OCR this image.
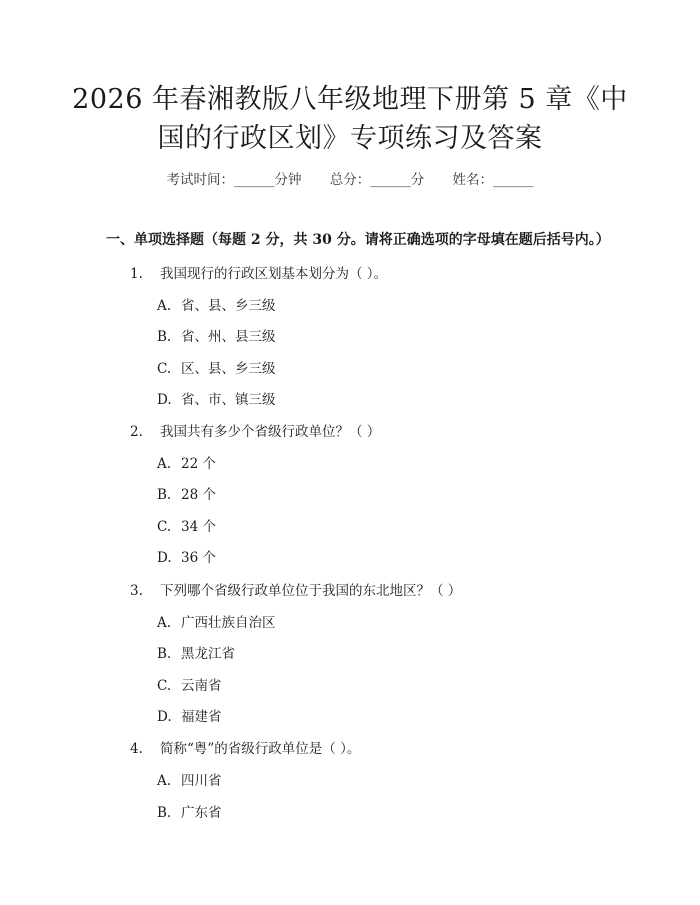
2026 年春湘教版八年级地理下册第 5 章《中
国的行政区划》专项练习及答案
考试时间：______分钟 总分：______分 姓名：______
一、单项选择题（每题 2 分，共 30 分。请将正确选项的字母填在题后括号内。）
1. 我国现行的行政区划基本划分为（ ）。
A. 省、县、乡三级
B. 省、州、县三级
C. 区、县、乡三级
D. 省、市、镇三级
2. 我国共有多少个省级行政单位？（ ）
A. 22 个
B. 28 个
C. 34 个
D. 36 个
3. 下列哪个省级行政单位位于我国的东北地区？（ ）
A. 广西壮族自治区
B. 黑龙江省
C. 云南省
D. 福建省
4. 简称“粤”的省级行政单位是（ ）。
A. 四川省
B. 广东省
